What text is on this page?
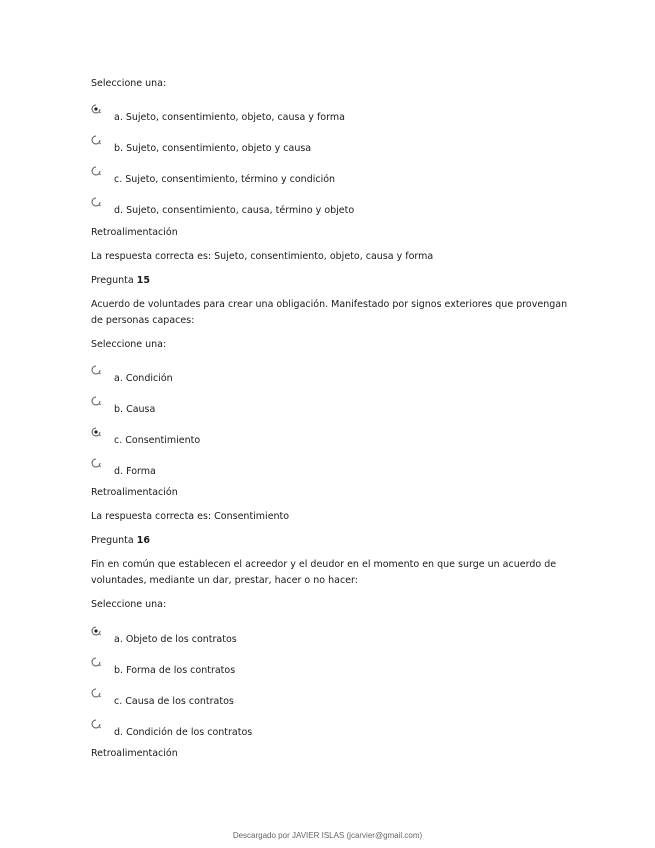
Seleccione una:
a. Sujeto, consentimiento, objeto, causa y forma
b. Sujeto, consentimiento, objeto y causa
c. Sujeto, consentimiento, término y condición
d. Sujeto, consentimiento, causa, término y objeto
Retroalimentación
La respuesta correcta es: Sujeto, consentimiento, objeto, causa y forma
Pregunta 15
Acuerdo de voluntades para crear una obligación. Manifestado por signos exteriores que provengan de personas capaces:
Seleccione una:
a. Condición
b. Causa
c. Consentimiento
d. Forma
Retroalimentación
La respuesta correcta es: Consentimiento
Pregunta 16
Fin en común que establecen el acreedor y el deudor en el momento en que surge un acuerdo de voluntades, mediante un dar, prestar, hacer o no hacer:
Seleccione una:
a. Objeto de los contratos
b. Forma de los contratos
c. Causa de los contratos
d. Condición de los contratos
Retroalimentación
Descargado por JAVIER ISLAS (jcarvier@gmail.com)
